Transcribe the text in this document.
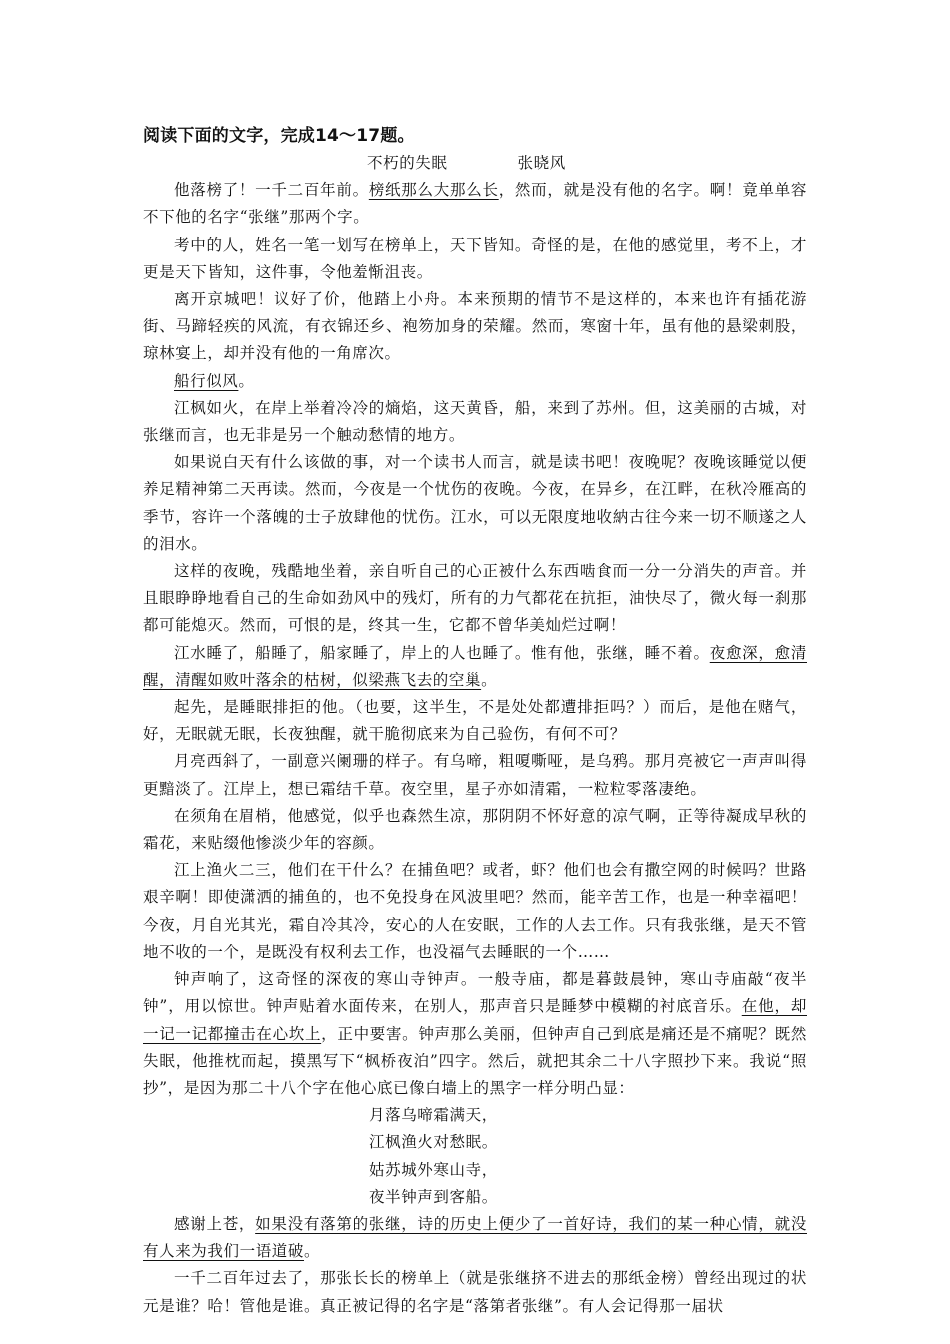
阅读下面的文字，完成14～17题。

不朽的失眠	张晓风

他落榜了！一千二百年前。榜纸那么大那么长，然而，就是没有他的名字。啊！竟单单容不下他的名字“张继”那两个字。

考中的人，姓名一笔一划写在榜单上，天下皆知。奇怪的是，在他的感觉里，考不上，才更是天下皆知，这件事，令他羞惭沮丧。

离开京城吧！议好了价，他踏上小舟。本来预期的情节不是这样的，本来也许有插花游街、马蹄轻疾的风流，有衣锦还乡、袍笏加身的荣耀。然而，寒窗十年，虽有他的悬梁刺股，琼林宴上，却并没有他的一角席次。

船行似风。

江枫如火，在岸上举着冷冷的熵焰，这天黄昏，船，来到了苏州。但，这美丽的古城，对张继而言，也无非是另一个触动愁情的地方。

如果说白天有什么该做的事，对一个读书人而言，就是读书吧！夜晚呢？夜晚该睡觉以便养足精神第二天再读。然而，今夜是一个忧伤的夜晚。今夜，在异乡，在江畔，在秋冷雁高的季节，容许一个落魄的士子放肆他的忧伤。江水，可以无限度地收納古往今来一切不顺遂之人的泪水。

这样的夜晚，残酷地坐着，亲自听自己的心正被什么东西啮食而一分一分消失的声音。并且眼睁睁地看自己的生命如劲风中的残灯，所有的力气都花在抗拒，油快尽了，微火每一刹那都可能熄灭。然而，可恨的是，终其一生，它都不曾华美灿烂过啊！

江水睡了，船睡了，船家睡了，岸上的人也睡了。惟有他，张继，睡不着。夜愈深，愈清醒，清醒如败叶落余的枯树，似梁燕飞去的空巢。

起先，是睡眠排拒的他。（也要，这半生，不是处处都遭排拒吗？）而后，是他在赌气，好，无眠就无眠，长夜独醒，就干脆彻底来为自己验伤，有何不可？

月亮西斜了，一副意兴阑珊的样子。有乌啼，粗嗄嘶哑，是乌鸦。那月亮被它一声声叫得更黯淡了。江岸上，想已霜结千草。夜空里，星子亦如清霜，一粒粒零落凄绝。

在须角在眉梢，他感觉，似乎也森然生凉，那阴阴不怀好意的凉气啊，正等待凝成早秋的霜花，来贴缀他惨淡少年的容颜。

江上渔火二三，他们在干什么？在捕鱼吧？或者，虾？他们也会有撒空网的时候吗？世路艰辛啊！即使潇洒的捕鱼的，也不免投身在风波里吧？然而，能辛苦工作，也是一种幸福吧！今夜，月自光其光，霜自冷其冷，安心的人在安眠，工作的人去工作。只有我张继，是天不管地不收的一个，是既没有权利去工作，也没福气去睡眠的一个……

钟声响了，这奇怪的深夜的寒山寺钟声。一般寺庙，都是暮鼓晨钟，寒山寺庙敲“夜半钟”，用以惊世。钟声贴着水面传来，在别人，那声音只是睡梦中模糊的衬底音乐。在他，却一记一记都撞击在心坎上，正中要害。钟声那么美丽，但钟声自己到底是痛还是不痛呢？既然失眠，他推枕而起，摸黑写下“枫桥夜泊”四字。然后，就把其余二十八字照抄下来。我说“照抄”，是因为那二十八个字在他心底已像白墙上的黑字一样分明凸显：

月落乌啼霜满天，
江枫渔火对愁眠。
姑苏城外寒山寺，
夜半钟声到客船。

感谢上苍，如果没有落第的张继，诗的历史上便少了一首好诗，我们的某一种心情，就没有人来为我们一语道破。

一千二百年过去了，那张长长的榜单上（就是张继挤不进去的那纸金榜）曾经出现过的状元是谁？哈！管他是谁。真正被记得的名字是“落第者张继”。有人会记得那一届状
